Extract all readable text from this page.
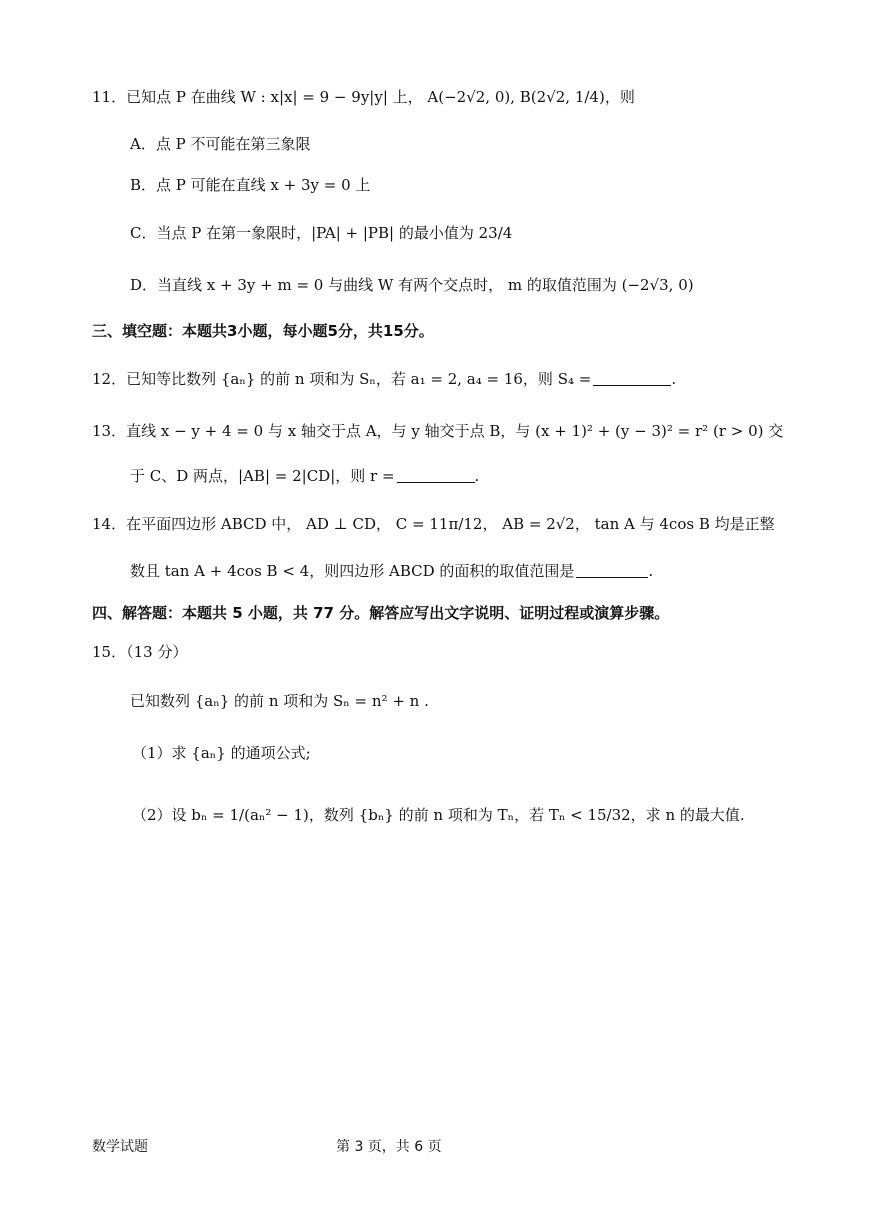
11．已知点 P 在曲线 W : x|x| = 9 − 9y|y| 上， A(−2√2, 0), B(2√2, 1/4)，则
A．点 P 不可能在第三象限
B．点 P 可能在直线 x + 3y = 0 上
C．当点 P 在第一象限时，|PA| + |PB| 的最小值为 23/4
D．当直线 x + 3y + m = 0 与曲线 W 有两个交点时， m 的取值范围为 (−2√3, 0)
三、填空题：本题共3小题，每小题5分，共15分。
12．已知等比数列 {aₙ} 的前 n 项和为 Sₙ，若 a₁ = 2, a₄ = 16，则 S₄ =	.
13．直线 x − y + 4 = 0 与 x 轴交于点 A，与 y 轴交于点 B，与 (x + 1)² + (y − 3)² = r² (r > 0) 交
于 C、D 两点，|AB| = 2|CD|，则 r =	.
14．在平面四边形 ABCD 中， AD ⊥ CD， C = 11π/12， AB = 2√2， tan A 与 4cos B 均是正整
数且 tan A + 4cos B < 4，则四边形 ABCD 的面积的取值范围是	.
四、解答题：本题共 5 小题，共 77 分。解答应写出文字说明、证明过程或演算步骤。
15．（13 分）
已知数列 {aₙ} 的前 n 项和为 Sₙ = n² + n .
（1）求 {aₙ} 的通项公式;
（2）设 bₙ = 1/(aₙ² − 1)，数列 {bₙ} 的前 n 项和为 Tₙ，若 Tₙ < 15/32，求 n 的最大值.
数学试题	第 3 页，共 6 页
